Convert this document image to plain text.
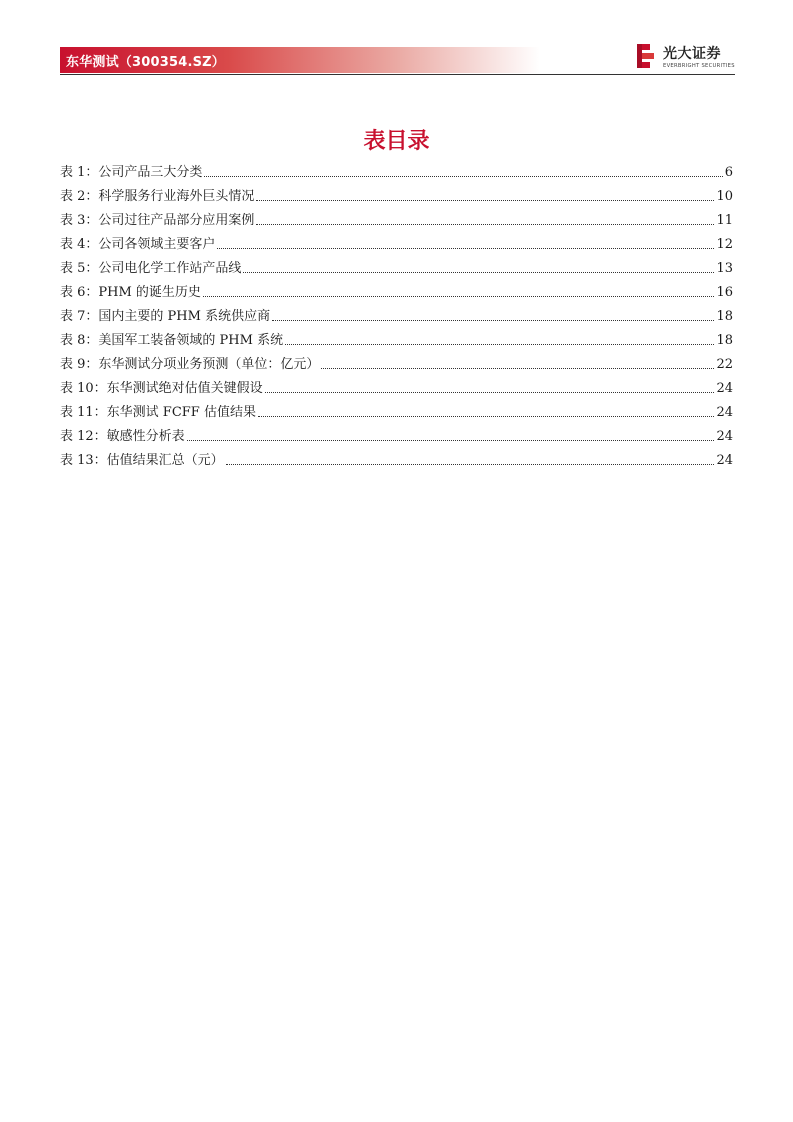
东华测试（300354.SZ）
光大证券
EVERBRIGHT SECURITIES
表目录
表 1：公司产品三大分类	6
表 2：科学服务行业海外巨头情况	10
表 3：公司过往产品部分应用案例	11
表 4：公司各领域主要客户	12
表 5：公司电化学工作站产品线	13
表 6：PHM 的诞生历史	16
表 7：国内主要的 PHM 系统供应商	18
表 8：美国军工装备领域的 PHM 系统	18
表 9：东华测试分项业务预测（单位：亿元）	22
表 10：东华测试绝对估值关键假设	24
表 11：东华测试 FCFF 估值结果	24
表 12：敏感性分析表	24
表 13：估值结果汇总（元）	24
